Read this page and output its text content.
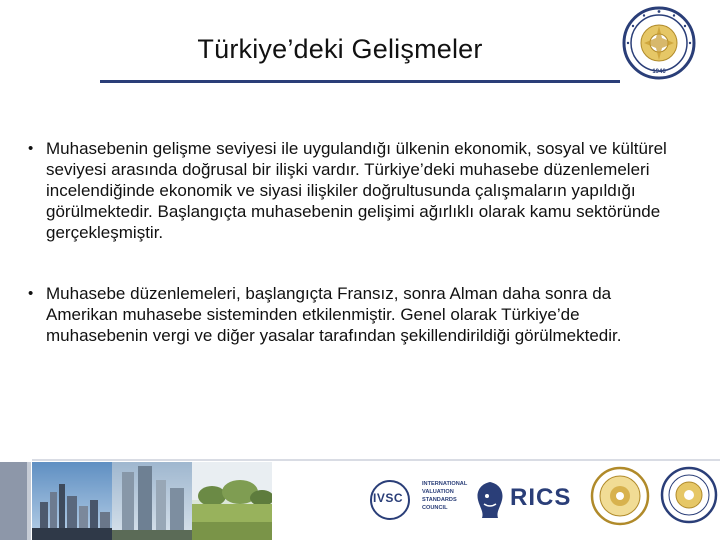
Türkiye’deki Gelişmeler
1946
• Muhasebenin gelişme seviyesi ile uygulandığı ülkenin ekonomik, sosyal ve kültürel seviyesi arasında doğrusal bir ilişki vardır. Türkiye’deki muhasebe düzenlemeleri incelendiğinde ekonomik ve siyasi ilişkiler doğrultusunda çalışmaların yapıldığı görülmektedir. Başlangıçta muhasebenin gelişimi ağırlıklı olarak kamu sektöründe gerçekleşmiştir.
• Muhasebe düzenlemeleri, başlangıçta Fransız, sonra Alman daha sonra da Amerikan muhasebe sisteminden etkilenmiştir. Genel olarak Türkiye’de muhasebenin vergi ve diğer yasalar tarafından şekillendirildiği görülmektedir.
IVSC
INTERNATIONAL
VALUATION
STANDARDS
COUNCIL	RICS
